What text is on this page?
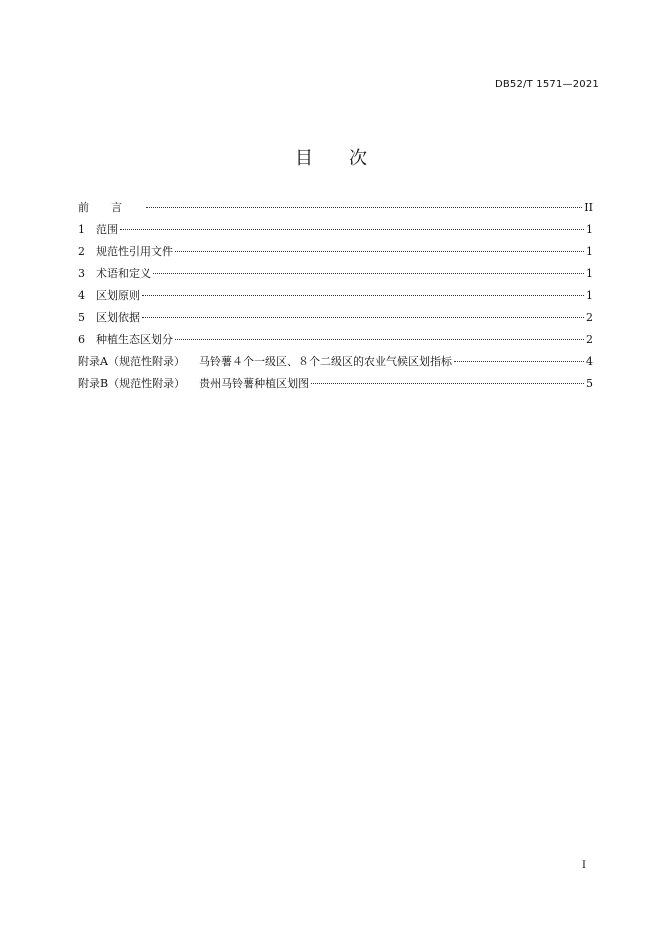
DB52/T 1571—2021
目次
前言	II
1	范围	1
2	规范性引用文件	1
3	术语和定义	1
4	区划原则	1
5	区划依据	2
6	种植生态区划分	2
附录A（规范性附录） 马铃薯４个一级区、８个二级区的农业气候区划指标	4
附录B（规范性附录） 贵州马铃薯种植区划图	5
I
